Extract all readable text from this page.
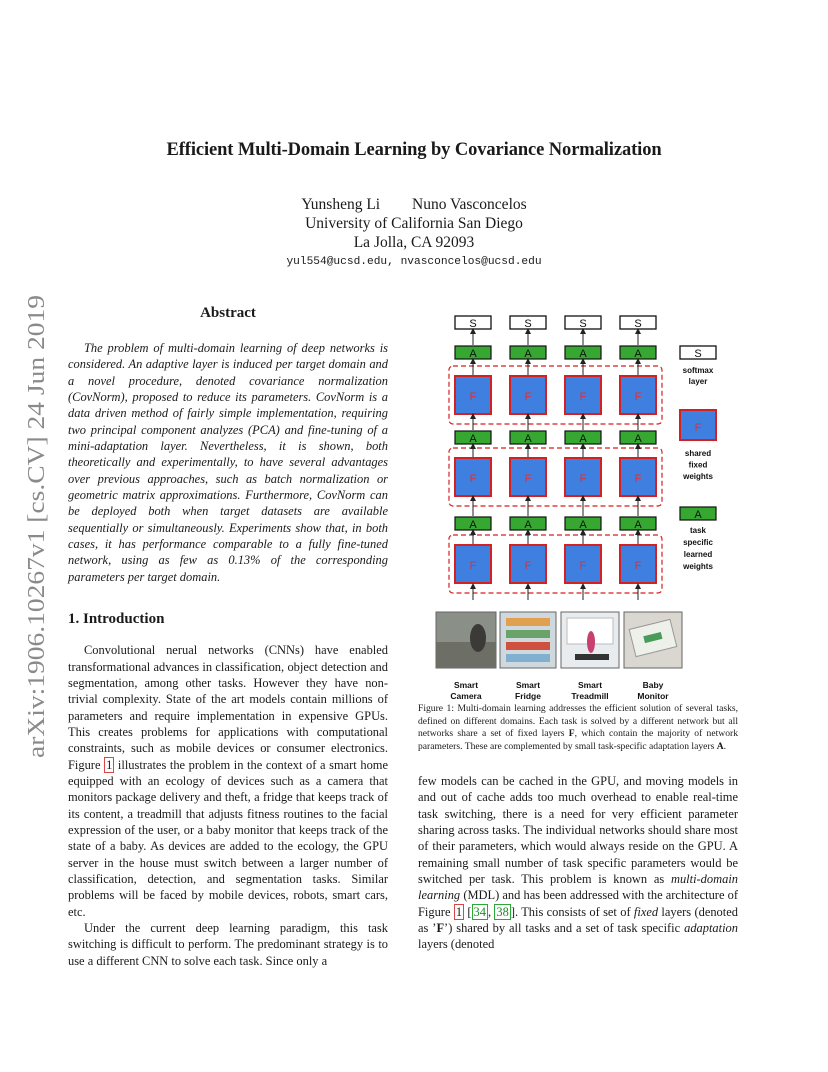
arXiv:1906.10267v1 [cs.CV] 24 Jun 2019
Efficient Multi-Domain Learning by Covariance Normalization
Yunsheng Li Nuno Vasconcelos
University of California San Diego
La Jolla, CA 92093
yul554@ucsd.edu, nvasconcelos@ucsd.edu
Abstract

The problem of multi-domain learning of deep networks is considered. An adaptive layer is induced per target domain and a novel procedure, denoted covariance normalization (CovNorm), proposed to reduce its parameters. CovNorm is a data driven method of fairly simple implementation, requiring two principal component analyzes (PCA) and fine-tuning of a mini-adaptation layer. Nevertheless, it is shown, both theoretically and experimentally, to have several advantages over previous approaches, such as batch normalization or geometric matrix approximations. Furthermore, CovNorm can be deployed both when target datasets are available sequentially or simultaneously. Experiments show that, in both cases, it has performance comparable to a fully fine-tuned network, using as few as 0.13% of the corresponding parameters per target domain.

1. Introduction

Convolutional nerual networks (CNNs) have enabled transformational advances in classification, object detection and segmentation, among other tasks. However they have non-trivial complexity. State of the art models contain millions of parameters and require implementation in expensive GPUs. This creates problems for applications with computational constraints, such as mobile devices or consumer electronics. Figure 1 illustrates the problem in the context of a smart home equipped with an ecology of devices such as a camera that monitors package delivery and theft, a fridge that keeps track of its content, a treadmill that adjusts fitness routines to the facial expression of the user, or a baby monitor that keeps track of the state of a baby. As devices are added to the ecology, the GPU server in the house must switch between a larger number of classification, detection, and segmentation tasks. Similar problems will be faced by mobile devices, robots, smart cars, etc.

Under the current deep learning paradigm, this task switching is difficult to perform. The predominant strategy is to use a different CNN to solve each task. Since only a

S	S	S	S
A
F
A
F
A
F
A
F
A
F
A
F
A
F
A
F
A
F
A
F
A
F
A
F
S
softmax
layer
F
shared
fixed
weights
A
task
specific
learned
weights
Smart
Camera
Smart
Fridge
Smart
Treadmill
Baby
Monitor
Figure 1: Multi-domain learning addresses the efficient solution of several tasks, defined on different domains. Each task is solved by a different network but all networks share a set of fixed layers F, which contain the majority of network parameters. These are complemented by small task-specific adaptation layers A.

few models can be cached in the GPU, and moving models in and out of cache adds too much overhead to enable real-time task switching, there is a need for very efficient parameter sharing across tasks. The individual networks should share most of their parameters, which would always reside on the GPU. A remaining small number of task specific parameters would be switched per task. This problem is known as multi-domain learning (MDL) and has been addressed with the architecture of Figure 1 [ 34 , 38 ]. This consists of set of fixed layers (denoted as ’F’) shared by all tasks and a set of task specific adaptation layers (denoted
